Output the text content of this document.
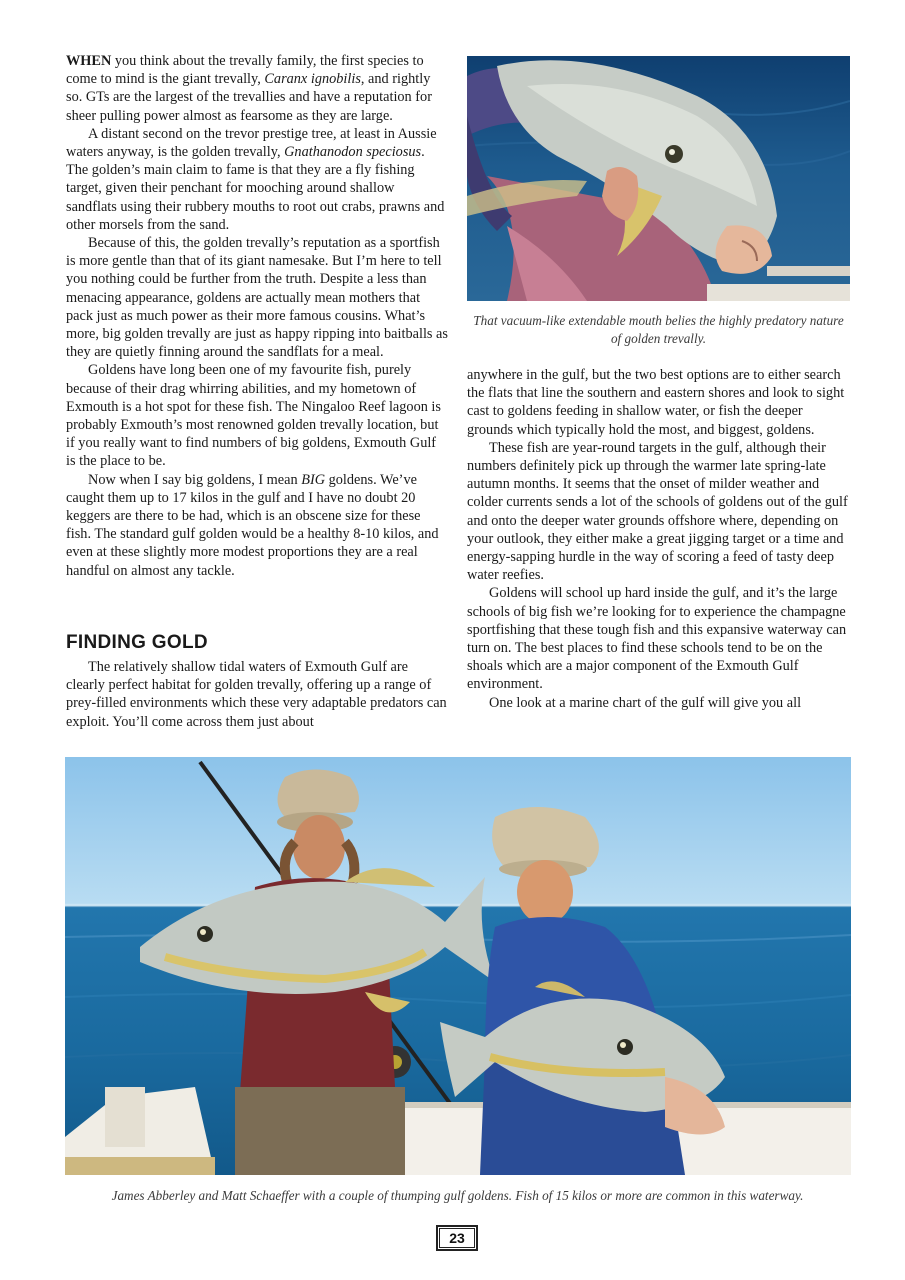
WHEN you think about the trevally family, the first species to come to mind is the giant trevally, Caranx ignobilis, and rightly so. GTs are the largest of the trevallies and have a reputation for sheer pulling power almost as fearsome as they are large.

A distant second on the trevor prestige tree, at least in Aussie waters anyway, is the golden trevally, Gnathanodon speciosus. The golden’s main claim to fame is that they are a fly fishing target, given their penchant for mooching around shallow sandflats using their rubbery mouths to root out crabs, prawns and other morsels from the sand.

Because of this, the golden trevally’s reputation as a sportfish is more gentle than that of its giant namesake. But I’m here to tell you nothing could be further from the truth. Despite a less than menacing appearance, goldens are actually mean mothers that pack just as much power as their more famous cousins. What’s more, big golden trevally are just as happy ripping into baitballs as they are quietly finning around the sandflats for a meal.

Goldens have long been one of my favourite fish, purely because of their drag whirring abilities, and my hometown of Exmouth is a hot spot for these fish. The Ningaloo Reef lagoon is probably Exmouth’s most renowned golden trevally location, but if you really want to find numbers of big goldens, Exmouth Gulf is the place to be.

Now when I say big goldens, I mean BIG goldens. We’ve caught them up to 17 kilos in the gulf and I have no doubt 20 keggers are there to be had, which is an obscene size for these fish. The standard gulf golden would be a healthy 8-10 kilos, and even at these slightly more modest proportions they are a real handful on almost any tackle.

FINDING GOLD

The relatively shallow tidal waters of Exmouth Gulf are clearly perfect habitat for golden trevally, offering up a range of prey-filled environments which these very adaptable predators can exploit. You’ll come across them just about

That vacuum-like extendable mouth belies the highly predatory nature of golden trevally.

anywhere in the gulf, but the two best options are to either search the flats that line the southern and eastern shores and look to sight cast to goldens feeding in shallow water, or fish the deeper grounds which typically hold the most, and biggest, goldens.

These fish are year-round targets in the gulf, although their numbers definitely pick up through the warmer late spring-late autumn months. It seems that the onset of milder weather and colder currents sends a lot of the schools of goldens out of the gulf and onto the deeper water grounds offshore where, depending on your outlook, they either make a great jigging target or a time and energy-sapping hurdle in the way of scoring a feed of tasty deep water reefies.

Goldens will school up hard inside the gulf, and it’s the large schools of big fish we’re looking for to experience the champagne sportfishing that these tough fish and this expansive waterway can turn on. The best places to find these schools tend to be on the shoals which are a major component of the Exmouth Gulf environment.

One look at a marine chart of the gulf will give you all

James Abberley and Matt Schaeffer with a couple of thumping gulf goldens. Fish of 15 kilos or more are common in this waterway.
23
